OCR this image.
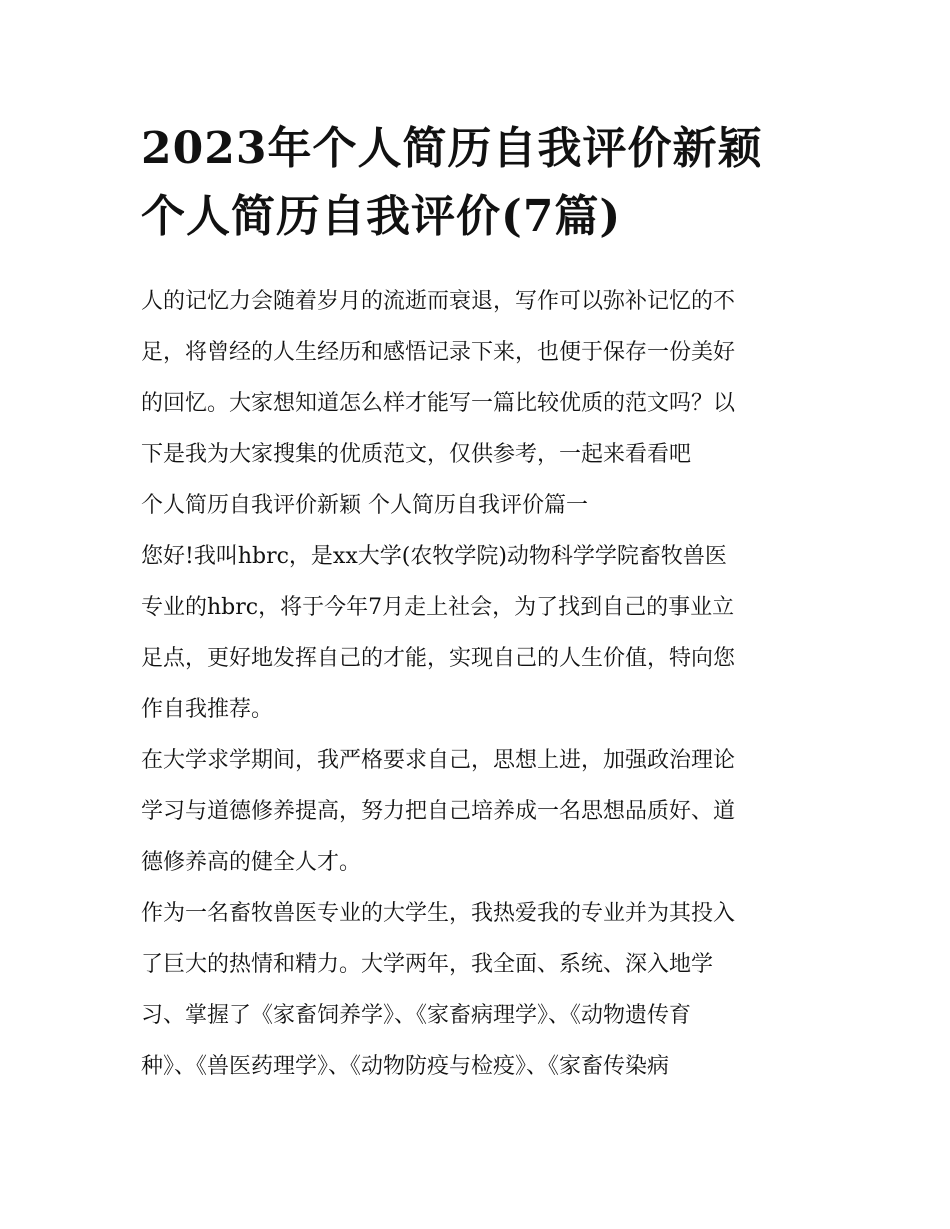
2023年个人简历自我评价新颖
个人简历自我评价(7篇)

人的记忆力会随着岁月的流逝而衰退，写作可以弥补记忆的不

足，将曾经的人生经历和感悟记录下来，也便于保存一份美好

的回忆。大家想知道怎么样才能写一篇比较优质的范文吗？以

下是我为大家搜集的优质范文，仅供参考，一起来看看吧

个人简历自我评价新颖 个人简历自我评价篇一

您好!我叫hbrc，是xx大学(农牧学院)动物科学学院畜牧兽医

专业的hbrc，将于今年7月走上社会，为了找到自己的事业立

足点，更好地发挥自己的才能，实现自己的人生价值，特向您

作自我推荐。

在大学求学期间，我严格要求自己，思想上进，加强政治理论

学习与道德修养提高，努力把自己培养成一名思想品质好、道

德修养高的健全人才。

作为一名畜牧兽医专业的大学生，我热爱我的专业并为其投入

了巨大的热情和精力。大学两年，我全面、系统、深入地学

习、掌握了《家畜饲养学》、《家畜病理学》、《动物遗传育

种》、《兽医药理学》、《动物防疫与检疫》、《家畜传染病
